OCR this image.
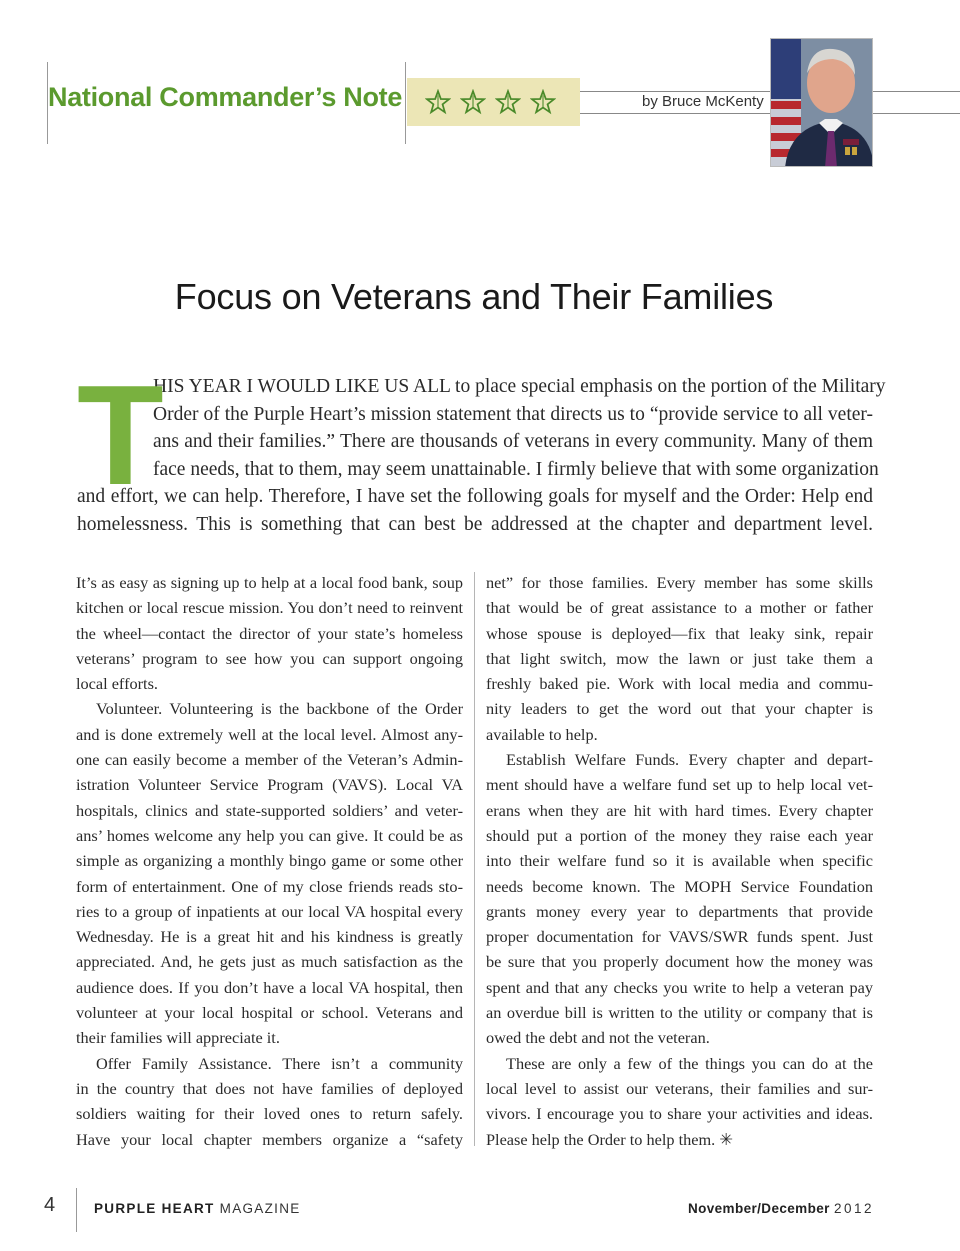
National Commander’s Note	by Bruce McKenty
Focus on Veterans and Their Families
T
HIS YEAR I WOULD LIKE US ALL to place special emphasis on the portion of the Military
Order of the Purple Heart’s mission statement that directs us to “provide service to all veter-
ans and their families.” There are thousands of veterans in every community. Many of them
face needs, that to them, may seem unattainable. I firmly believe that with some organization
and effort, we can help. Therefore, I have set the following goals for myself and the Order: Help end
homelessness. This is something that can best be addressed at the chapter and department level.
It’s as easy as signing up to help at a local food bank, soup
kitchen or local rescue mission. You don’t need to reinvent
the wheel—contact the director of your state’s homeless
veterans’ program to see how you can support ongoing
local efforts.
Volunteer. Volunteering is the backbone of the Order
and is done extremely well at the local level. Almost any-
one can easily become a member of the Veteran’s Admin-
istration Volunteer Service Program (VAVS). Local VA
hospitals, clinics and state-supported soldiers’ and veter-
ans’ homes welcome any help you can give. It could be as
simple as organizing a monthly bingo game or some other
form of entertainment. One of my close friends reads sto-
ries to a group of inpatients at our local VA hospital every
Wednesday. He is a great hit and his kindness is greatly
appreciated. And, he gets just as much satisfaction as the
audience does. If you don’t have a local VA hospital, then
volunteer at your local hospital or school. Veterans and
their families will appreciate it.
Offer Family Assistance. There isn’t a community
in the country that does not have families of deployed
soldiers waiting for their loved ones to return safely.
Have your local chapter members organize a “safety
net” for those families. Every member has some skills
that would be of great assistance to a mother or father
whose spouse is deployed—fix that leaky sink, repair
that light switch, mow the lawn or just take them a
freshly baked pie. Work with local media and commu-
nity leaders to get the word out that your chapter is
available to help.
Establish Welfare Funds. Every chapter and depart-
ment should have a welfare fund set up to help local vet-
erans when they are hit with hard times. Every chapter
should put a portion of the money they raise each year
into their welfare fund so it is available when specific
needs become known. The MOPH Service Foundation
grants money every year to departments that provide
proper documentation for VAVS/SWR funds spent. Just
be sure that you properly document how the money was
spent and that any checks you write to help a veteran pay
an overdue bill is written to the utility or company that is
owed the debt and not the veteran.
These are only a few of the things you can do at the
local level to assist our veterans, their families and sur-
vivors. I encourage you to share your activities and ideas.
Please help the Order to help them. ✳
4	PURPLE HEART MAGAZINE	November/December 2012
